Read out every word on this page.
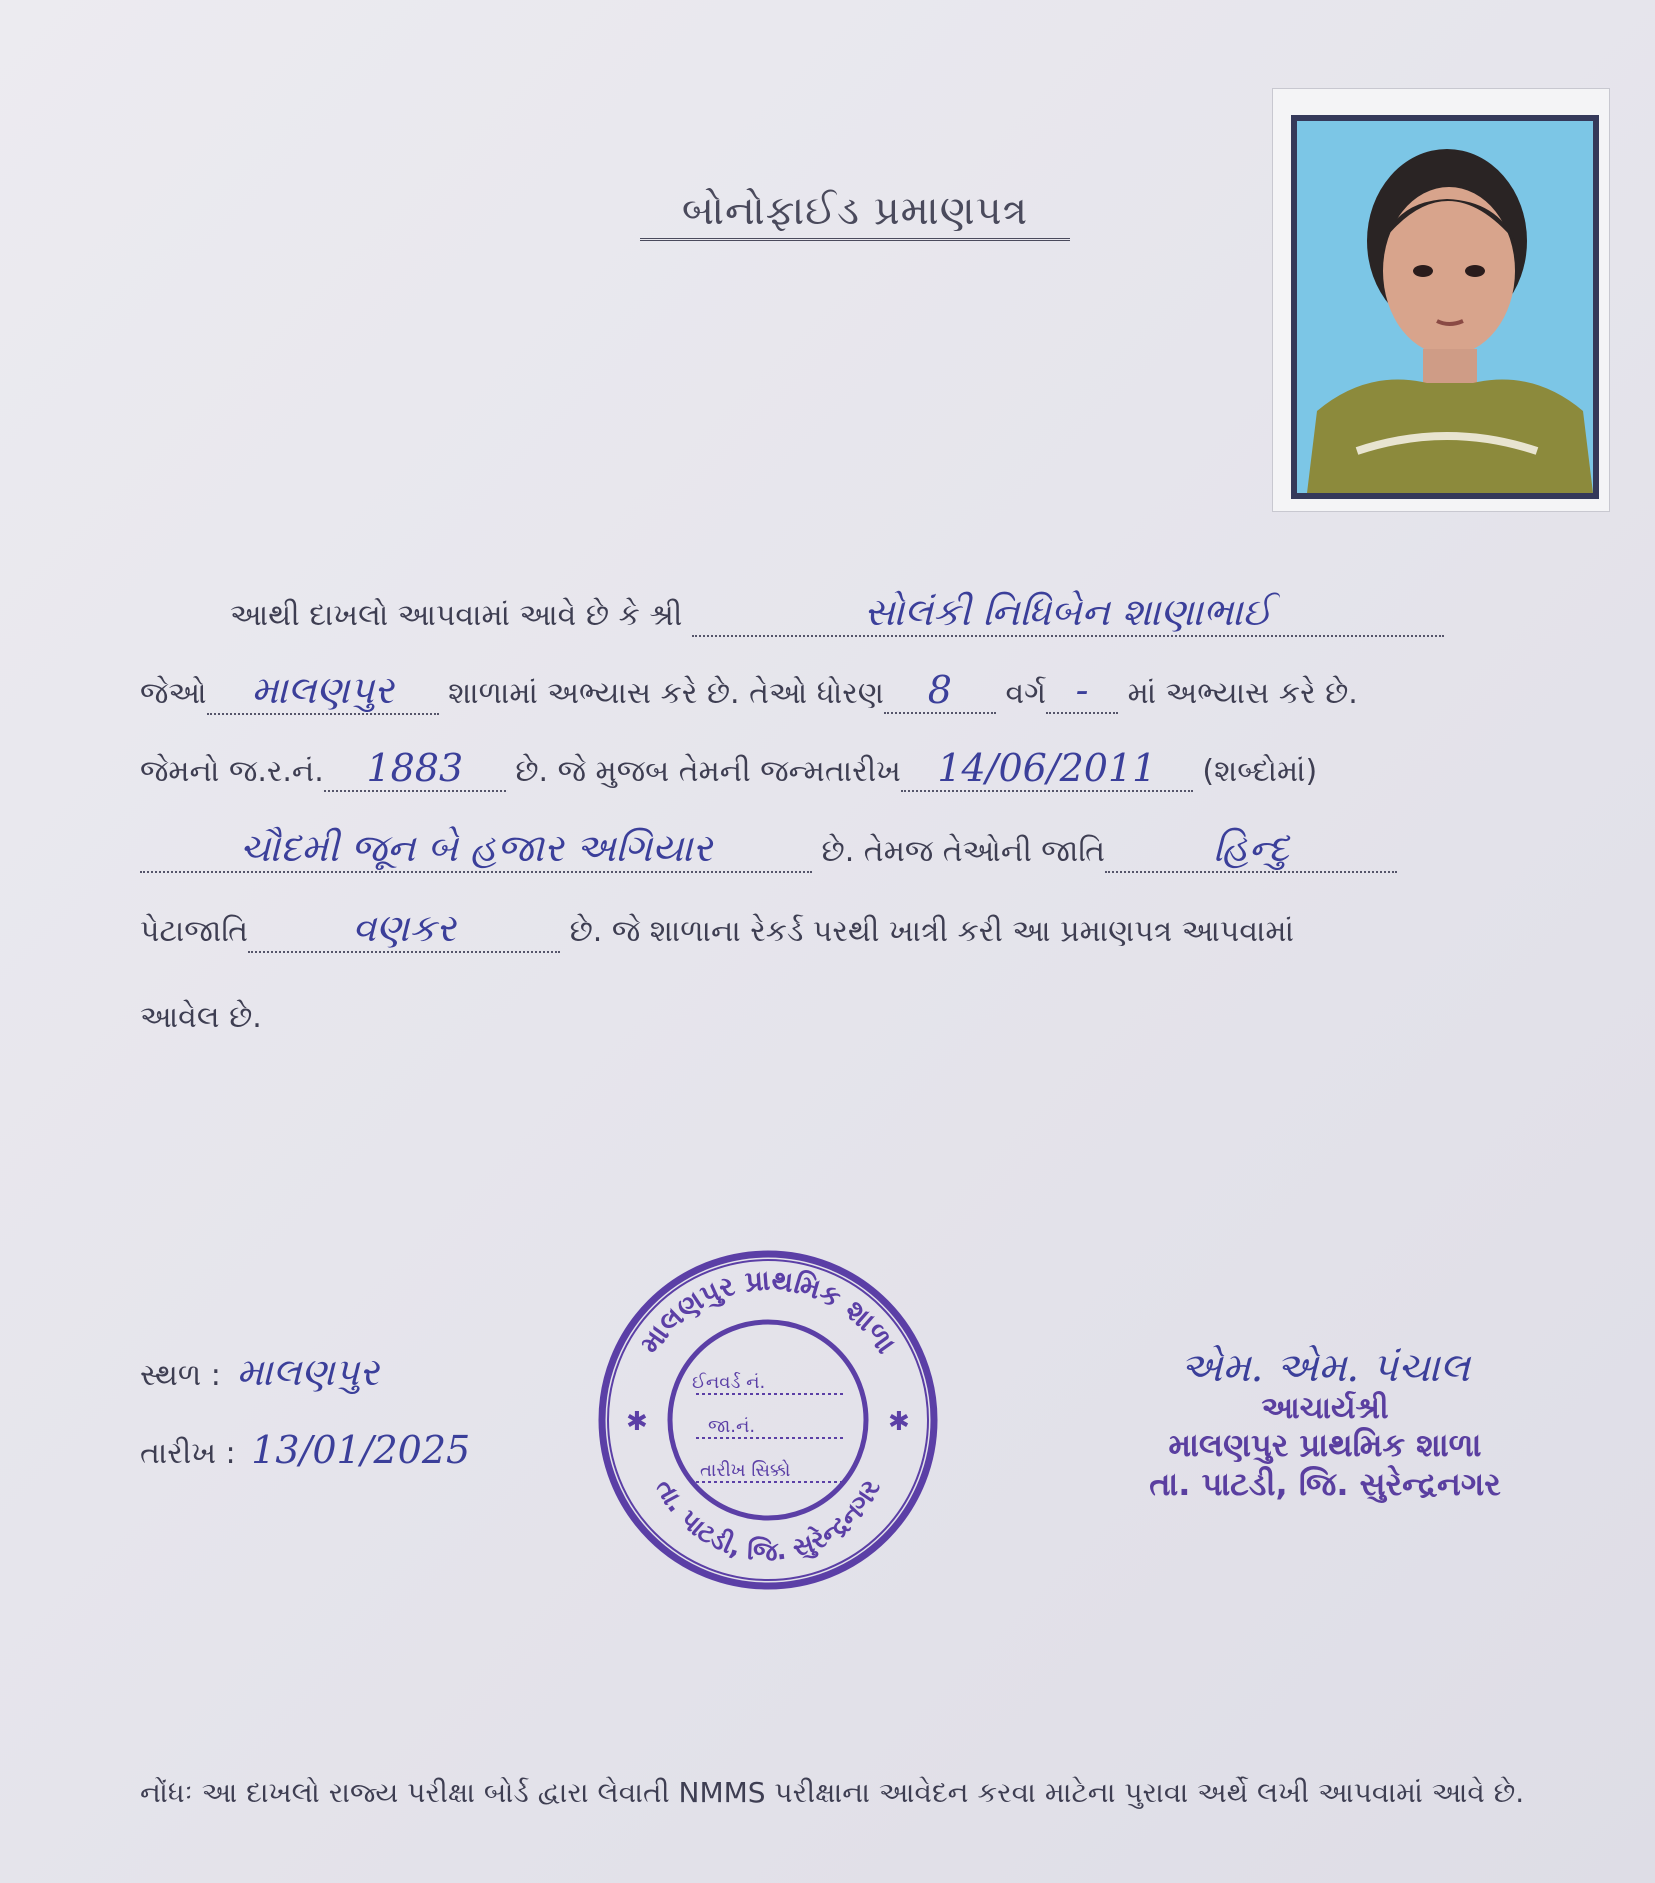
બોનોફાઈડ પ્રમાણપત્ર
આથી દાખલો આપવામાં આવે છે કે શ્રી	સોલંકી નિધિબેન શાણાભાઈ
જેઓ માલણપુર શાળામાં અભ્યાસ કરે છે. તેઓ ધોરણ 8 વર્ગ - માં અભ્યાસ કરે છે.
જેમનો જ.ર.નં. 1883 છે. જે મુજબ તેમની જન્મતારીખ 14/06/2011 (શબ્દોમાં)
ચૌદમી જૂન બે હજાર અગિયાર	છે. તેમજ તેઓની જાતિ	હિન્દુ
પેટાજાતિ	વણકર	છે. જે શાળાના રેકર્ડ પરથી ખાત્રી કરી આ પ્રમાણપત્ર આપવામાં
આવેલ છે.
સ્થળ : માલણપુર
તારીખ : 13/01/2025
માલણપુર પ્રાથમિક શાળા
તા. પાટડી, જિ. સુરેન્દ્રનગર
✱	✱
ઈનવર્ડ નં.
જા.નં.
તારીખ સિક્કો
એમ. એમ. પંચાલ
આચાર્યશ્રી
માલણપુર પ્રાથમિક શાળા
તા. પાટડી, જિ. સુરેન્દ્રનગર
નોંધઃ આ દાખલો રાજ્ય પરીક્ષા બોર્ડ દ્વારા લેવાતી NMMS પરીક્ષાના આવેદન કરવા માટેના પુરાવા અર્થે લખી આપવામાં આવે છે.
